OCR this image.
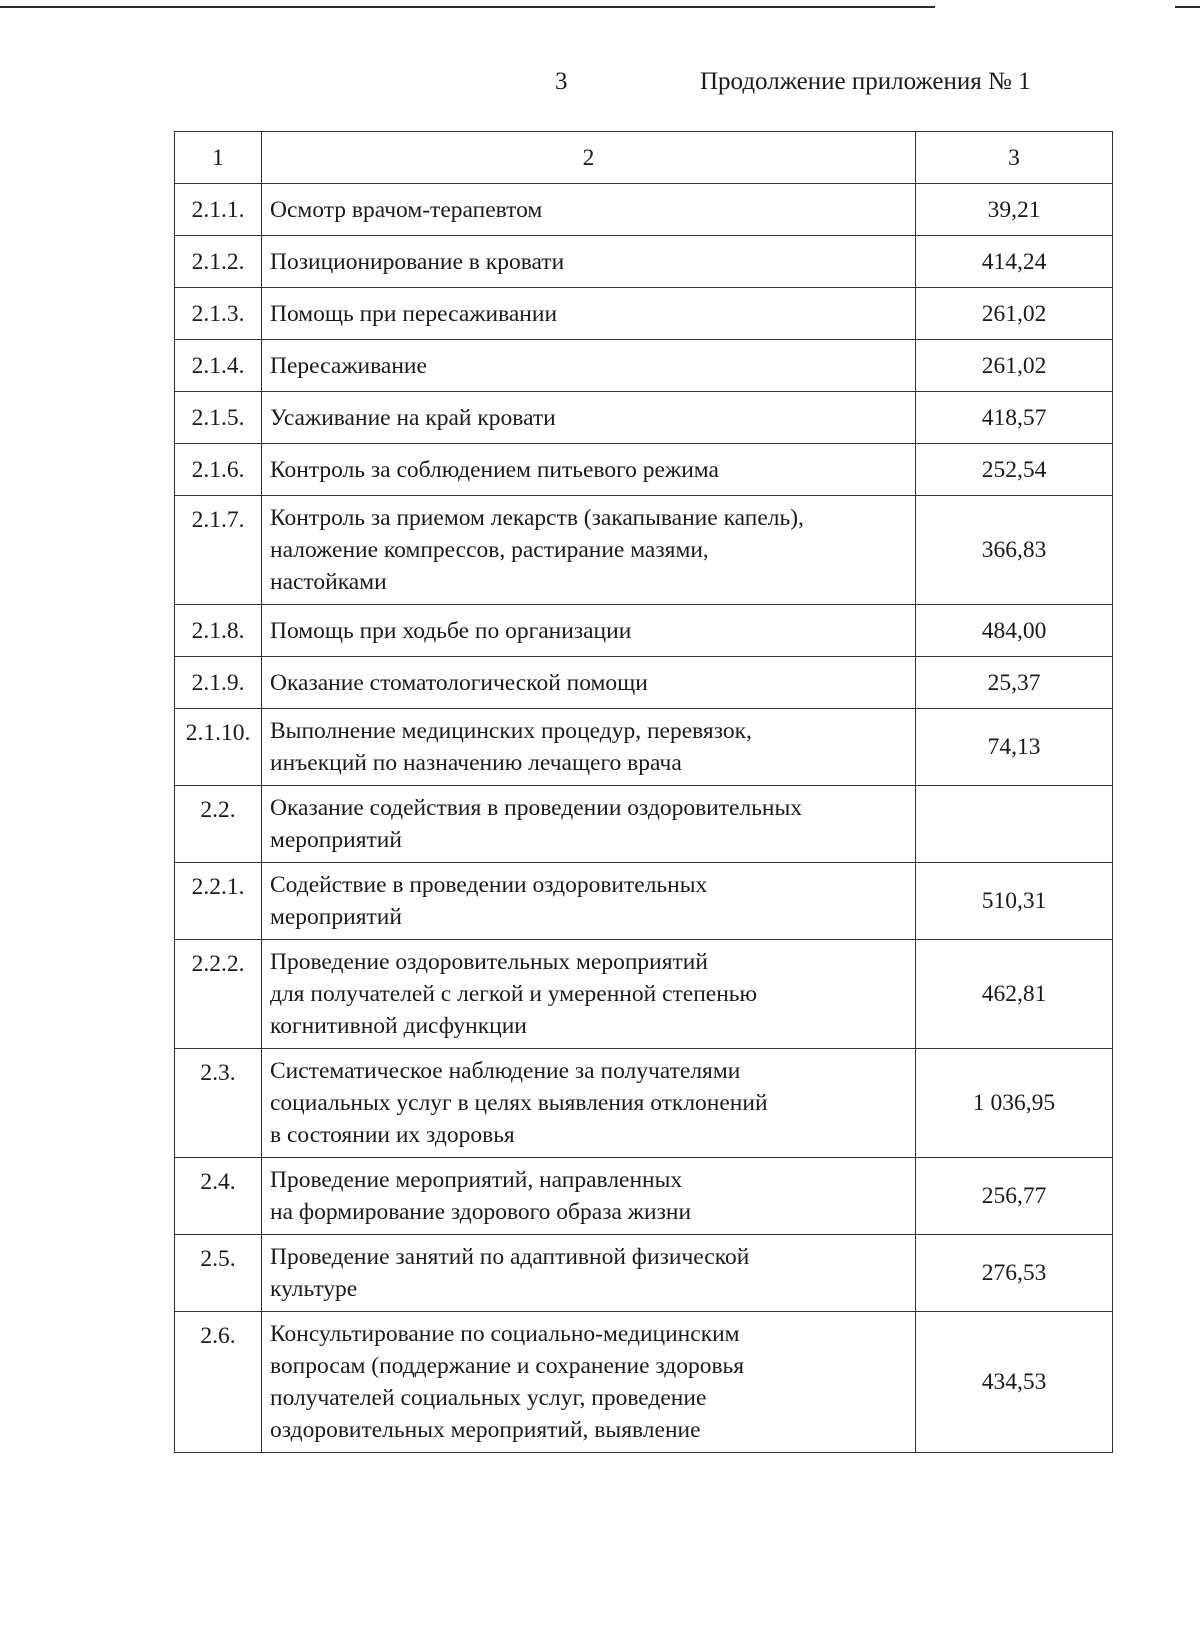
3	Продолжение приложения № 1
1	2	3
2.1.1.	Осмотр врачом-терапевтом	39,21
2.1.2.	Позиционирование в кровати	414,24
2.1.3.	Помощь при пересаживании	261,02
2.1.4.	Пересаживание	261,02
2.1.5.	Усаживание на край кровати	418,57
2.1.6.	Контроль за соблюдением питьевого режима	252,54
2.1.7.	Контроль за приемом лекарств (закапывание капель),
наложение компрессов, растирание мазями,
настойками	366,83
2.1.8.	Помощь при ходьбе по организации	484,00
2.1.9.	Оказание стоматологической помощи	25,37
2.1.10.	Выполнение медицинских процедур, перевязок,
инъекций по назначению лечащего врача	74,13
2.2.	Оказание содействия в проведении оздоровительных
мероприятий	
2.2.1.	Содействие в проведении оздоровительных
мероприятий	510,31
2.2.2.	Проведение оздоровительных мероприятий
для получателей с легкой и умеренной степенью
когнитивной дисфункции	462,81
2.3.	Систематическое наблюдение за получателями
социальных услуг в целях выявления отклонений
в состоянии их здоровья	1 036,95
2.4.	Проведение мероприятий, направленных
на формирование здорового образа жизни	256,77
2.5.	Проведение занятий по адаптивной физической
культуре	276,53
2.6.	Консультирование по социально-медицинским
вопросам (поддержание и сохранение здоровья
получателей социальных услуг, проведение
оздоровительных мероприятий, выявление	434,53
